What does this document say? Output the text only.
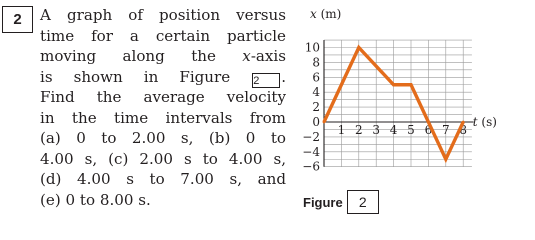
2	A graph of position versus
time for a certain particle
moving along the x-axis
is shown in Figure 2 .
Find the average velocity
in the time intervals from
(a) 0 to 2.00 s, (b) 0 to
4.00 s, (c) 2.00 s to 4.00 s,
(d) 4.00 s to 7.00 s, and
(e) 0 to 8.00 s.
10
8
6
4
2
0
−2
−4
−6
1 2 3 4 5 6 7 8
x (m)
t (s)
Figure	2
